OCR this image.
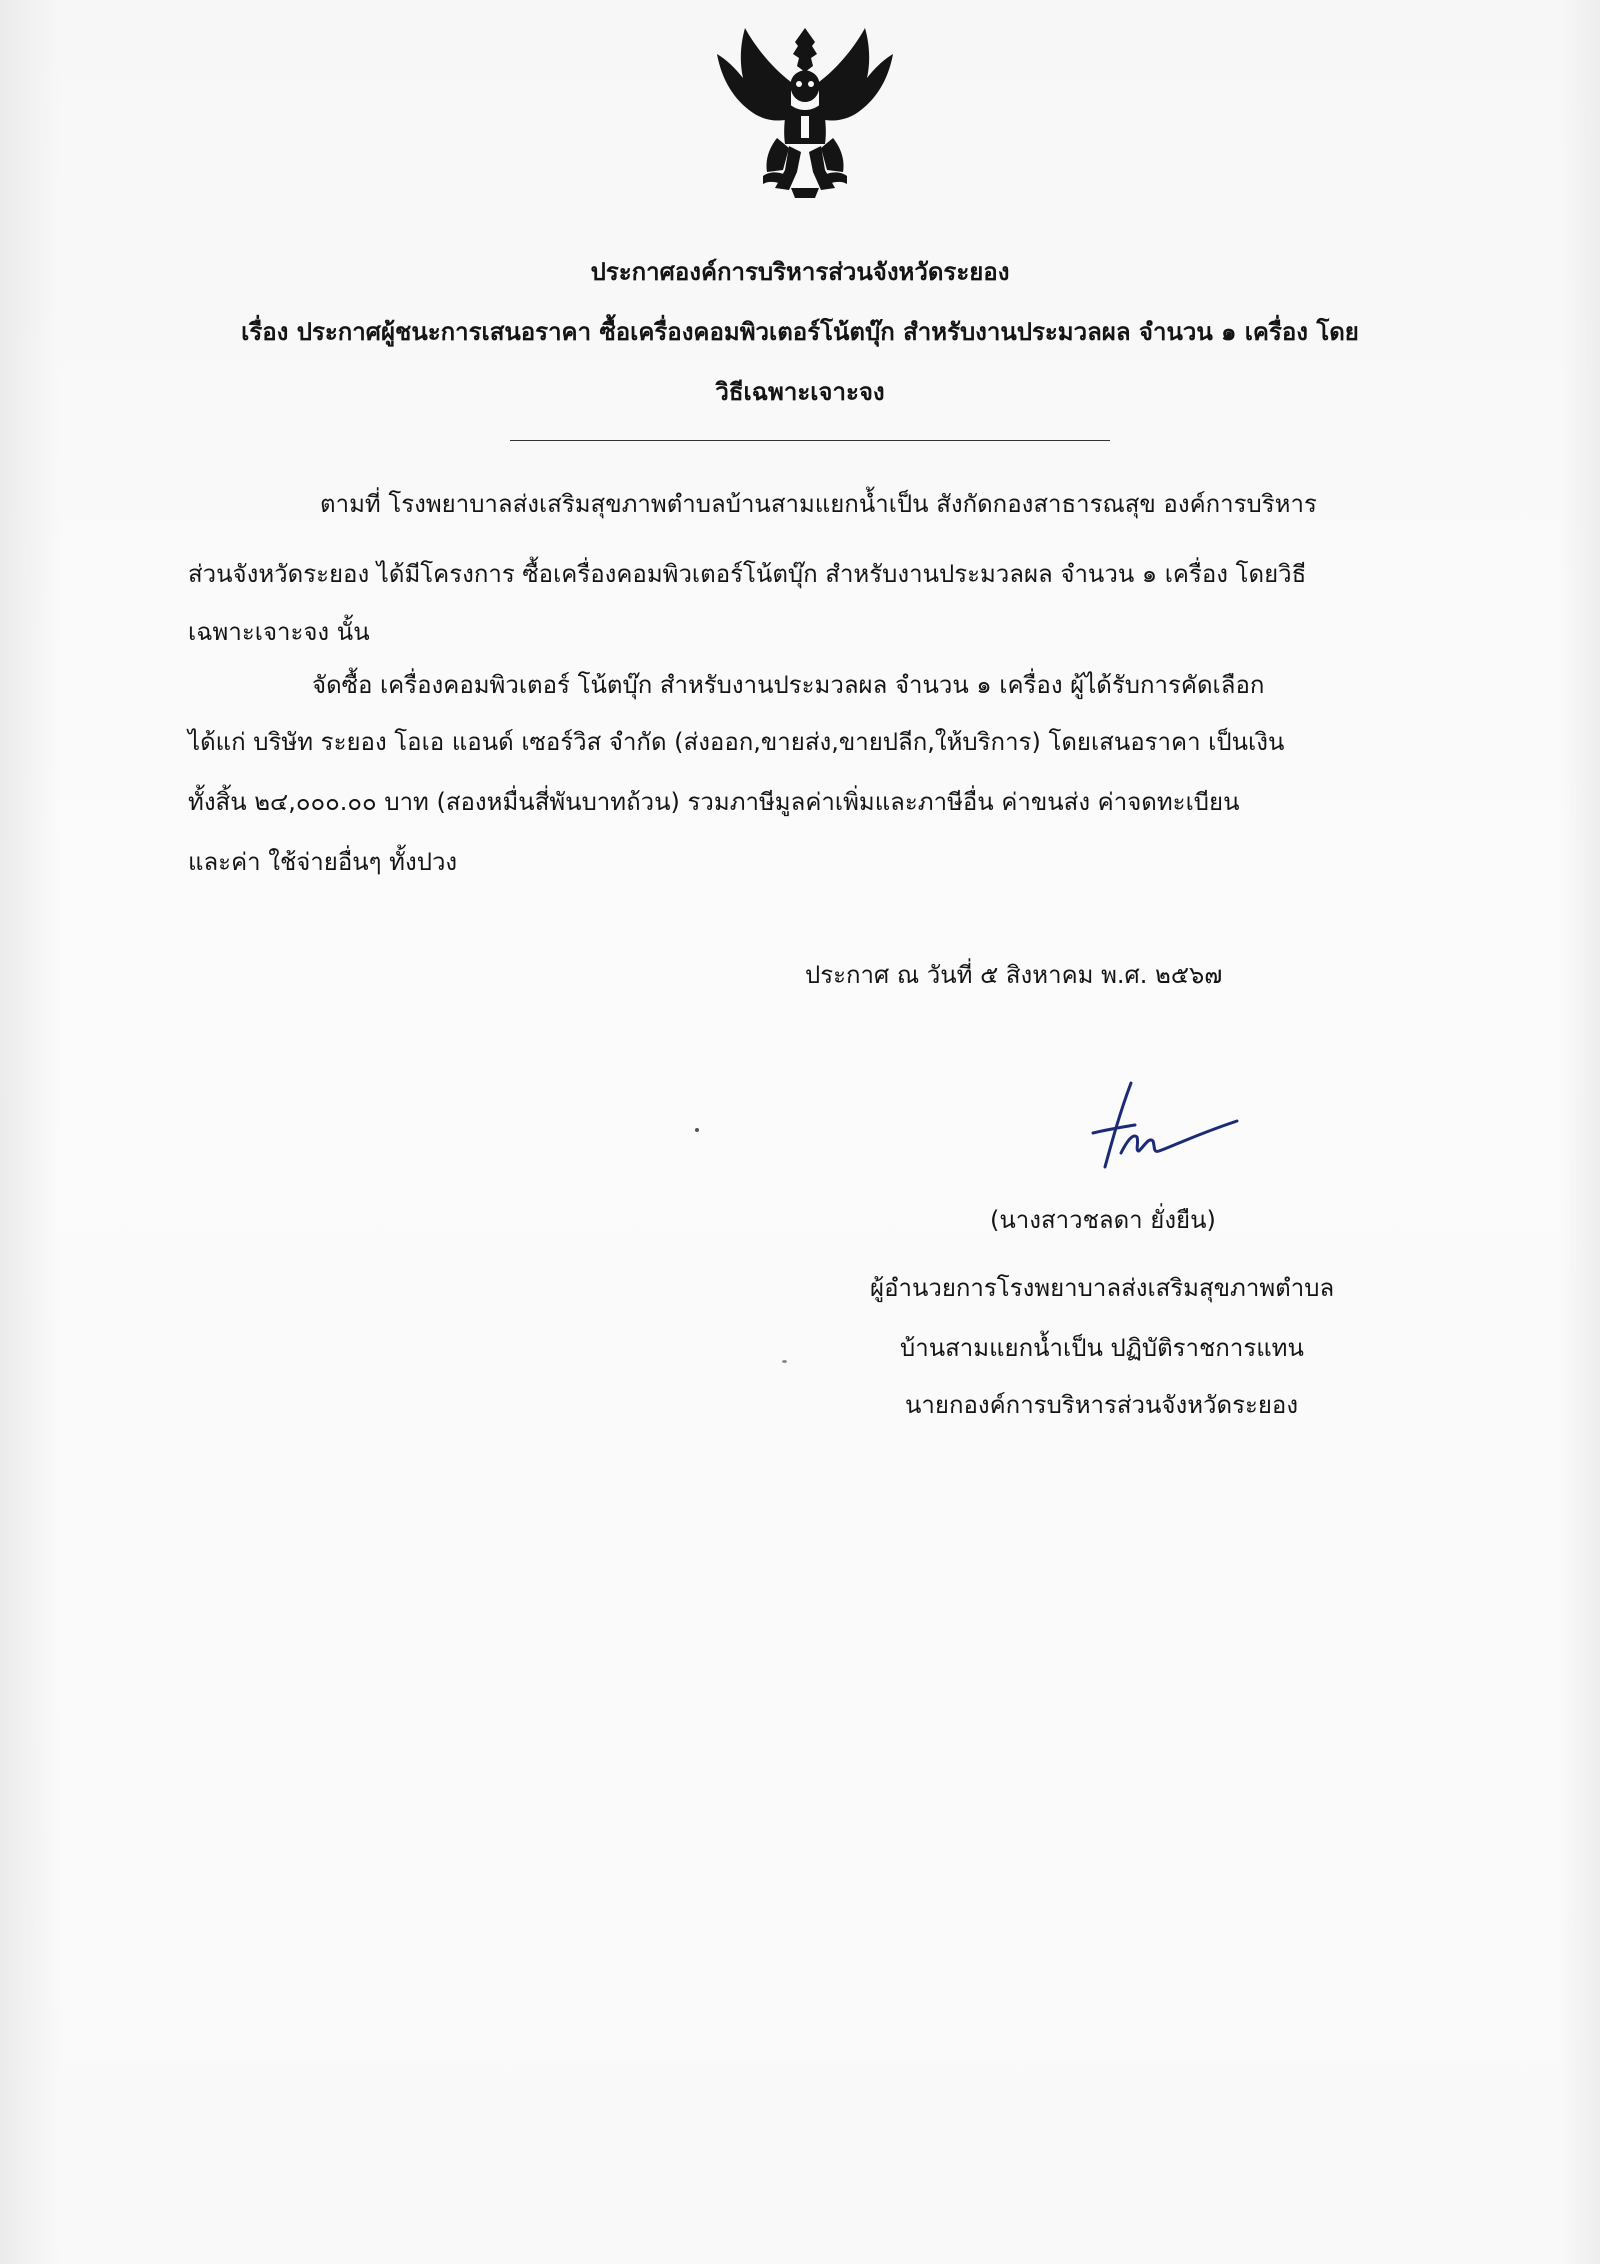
ประกาศองค์การบริหารส่วนจังหวัดระยอง
เรื่อง ประกาศผู้ชนะการเสนอราคา ซื้อเครื่องคอมพิวเตอร์โน้ตบุ๊ก สำหรับงานประมวลผล จำนวน ๑ เครื่อง โดย
วิธีเฉพาะเจาะจง
ตามที่ โรงพยาบาลส่งเสริมสุขภาพตำบลบ้านสามแยกน้ำเป็น สังกัดกองสาธารณสุข องค์การบริหาร
ส่วนจังหวัดระยอง ได้มีโครงการ ซื้อเครื่องคอมพิวเตอร์โน้ตบุ๊ก สำหรับงานประมวลผล จำนวน ๑ เครื่อง โดยวิธี
เฉพาะเจาะจง นั้น
จัดซื้อ เครื่องคอมพิวเตอร์ โน้ตบุ๊ก สำหรับงานประมวลผล จำนวน ๑ เครื่อง ผู้ได้รับการคัดเลือก
ได้แก่ บริษัท ระยอง โอเอ แอนด์ เซอร์วิส จำกัด (ส่งออก,ขายส่ง,ขายปลีก,ให้บริการ) โดยเสนอราคา เป็นเงิน
ทั้งสิ้น ๒๔,๐๐๐.๐๐ บาท (สองหมื่นสี่พันบาทถ้วน) รวมภาษีมูลค่าเพิ่มและภาษีอื่น ค่าขนส่ง ค่าจดทะเบียน
และค่า ใช้จ่ายอื่นๆ ทั้งปวง
ประกาศ ณ วันที่ ๕ สิงหาคม พ.ศ. ๒๕๖๗
(นางสาวชลดา ยั่งยืน)
ผู้อำนวยการโรงพยาบาลส่งเสริมสุขภาพตำบล
บ้านสามแยกน้ำเป็น ปฏิบัติราชการแทน
นายกองค์การบริหารส่วนจังหวัดระยอง
